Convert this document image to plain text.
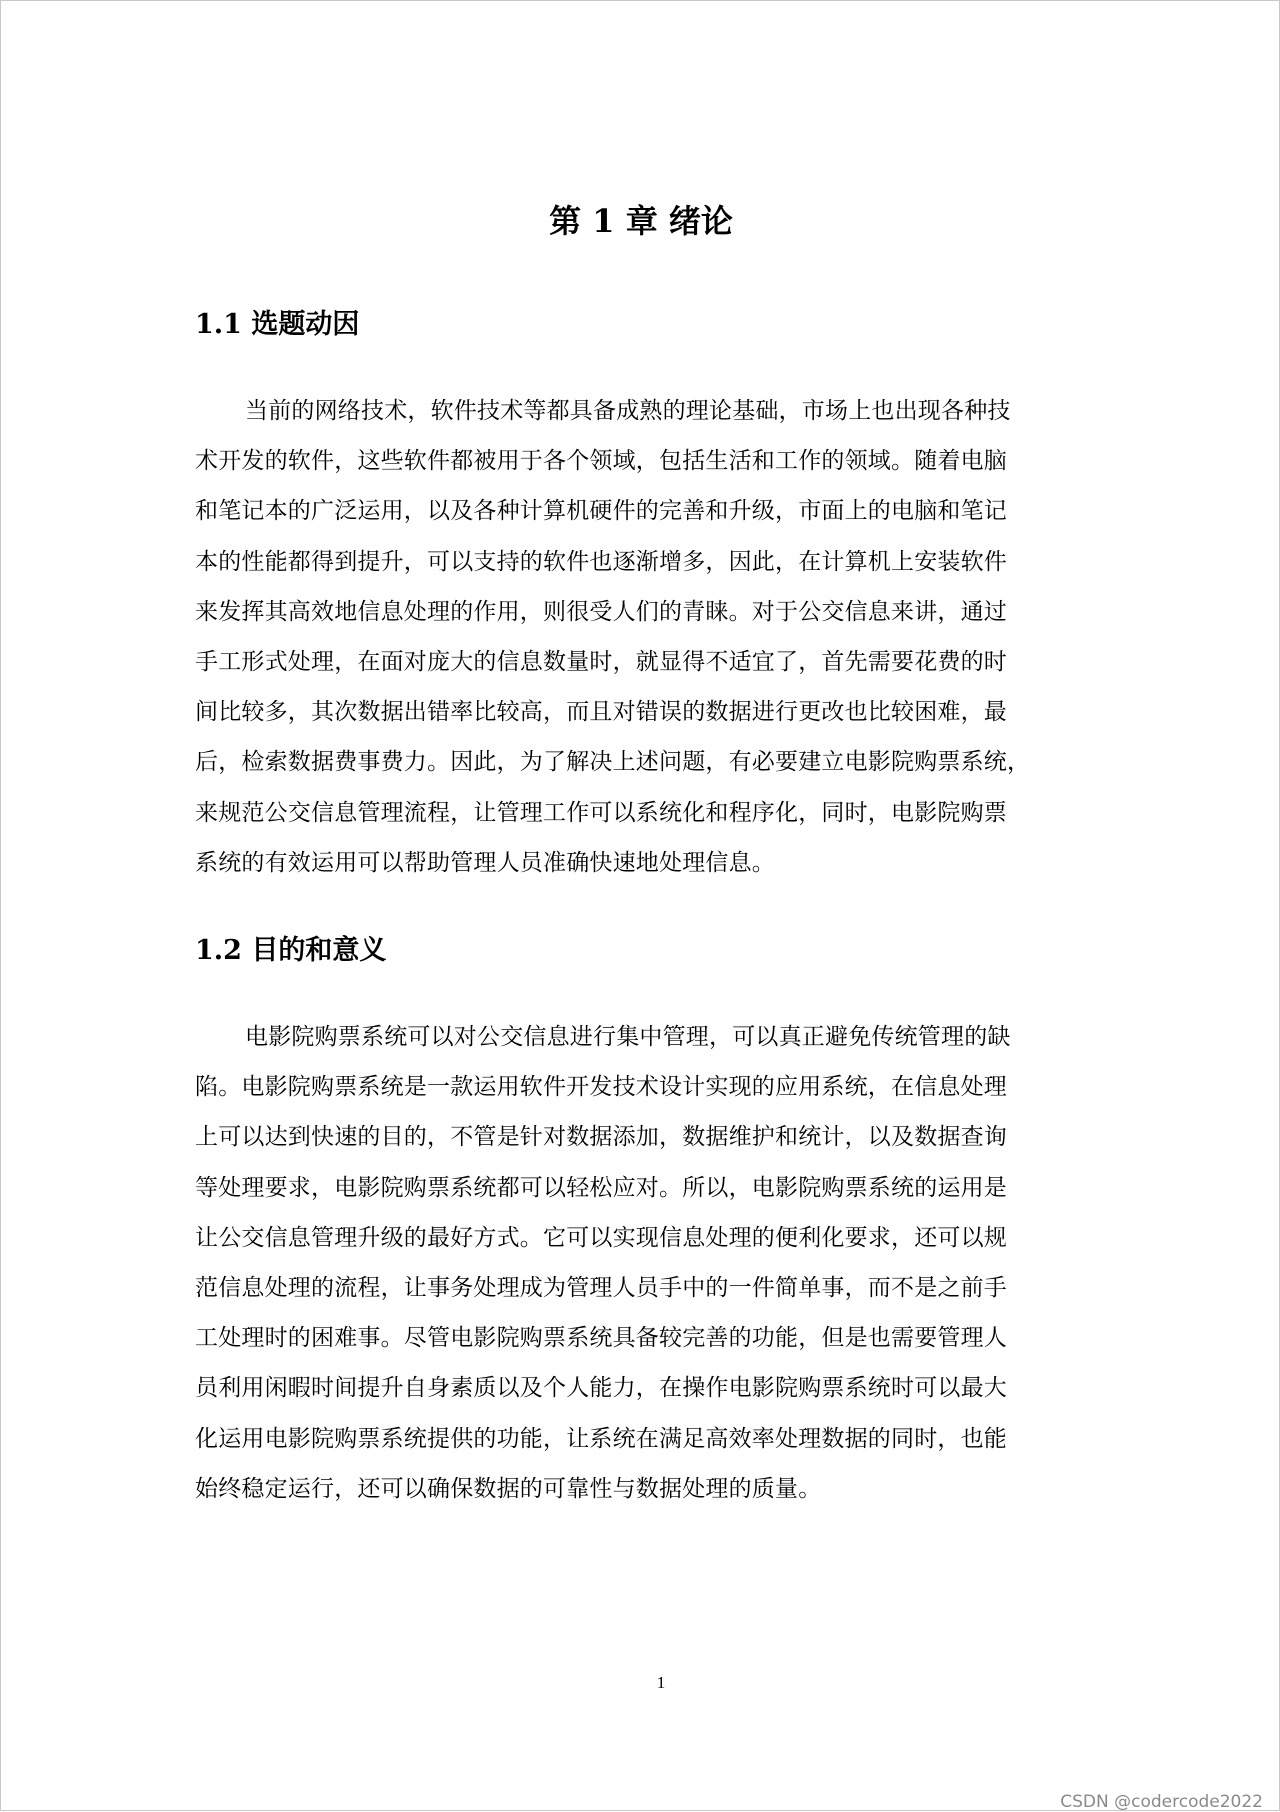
第 1 章 绪论
1.1 选题动因

当前的网络技术，软件技术等都具备成熟的理论基础，市场上也出现各种技
术开发的软件，这些软件都被用于各个领域，包括生活和工作的领域。随着电脑
和笔记本的广泛运用，以及各种计算机硬件的完善和升级，市面上的电脑和笔记
本的性能都得到提升，可以支持的软件也逐渐增多，因此，在计算机上安装软件
来发挥其高效地信息处理的作用，则很受人们的青睐。对于公交信息来讲，通过
手工形式处理，在面对庞大的信息数量时，就显得不适宜了，首先需要花费的时
间比较多，其次数据出错率比较高，而且对错误的数据进行更改也比较困难，最
后，检索数据费事费力。因此，为了解决上述问题，有必要建立电影院购票系统，
来规范公交信息管理流程，让管理工作可以系统化和程序化，同时，电影院购票
系统的有效运用可以帮助管理人员准确快速地处理信息。

1.2 目的和意义

电影院购票系统可以对公交信息进行集中管理，可以真正避免传统管理的缺
陷。电影院购票系统是一款运用软件开发技术设计实现的应用系统，在信息处理
上可以达到快速的目的，不管是针对数据添加，数据维护和统计，以及数据查询
等处理要求，电影院购票系统都可以轻松应对。所以，电影院购票系统的运用是
让公交信息管理升级的最好方式。它可以实现信息处理的便利化要求，还可以规
范信息处理的流程，让事务处理成为管理人员手中的一件简单事，而不是之前手
工处理时的困难事。尽管电影院购票系统具备较完善的功能，但是也需要管理人
员利用闲暇时间提升自身素质以及个人能力，在操作电影院购票系统时可以最大
化运用电影院购票系统提供的功能，让系统在满足高效率处理数据的同时，也能
始终稳定运行，还可以确保数据的可靠性与数据处理的质量。

1
CSDN @codercode2022
